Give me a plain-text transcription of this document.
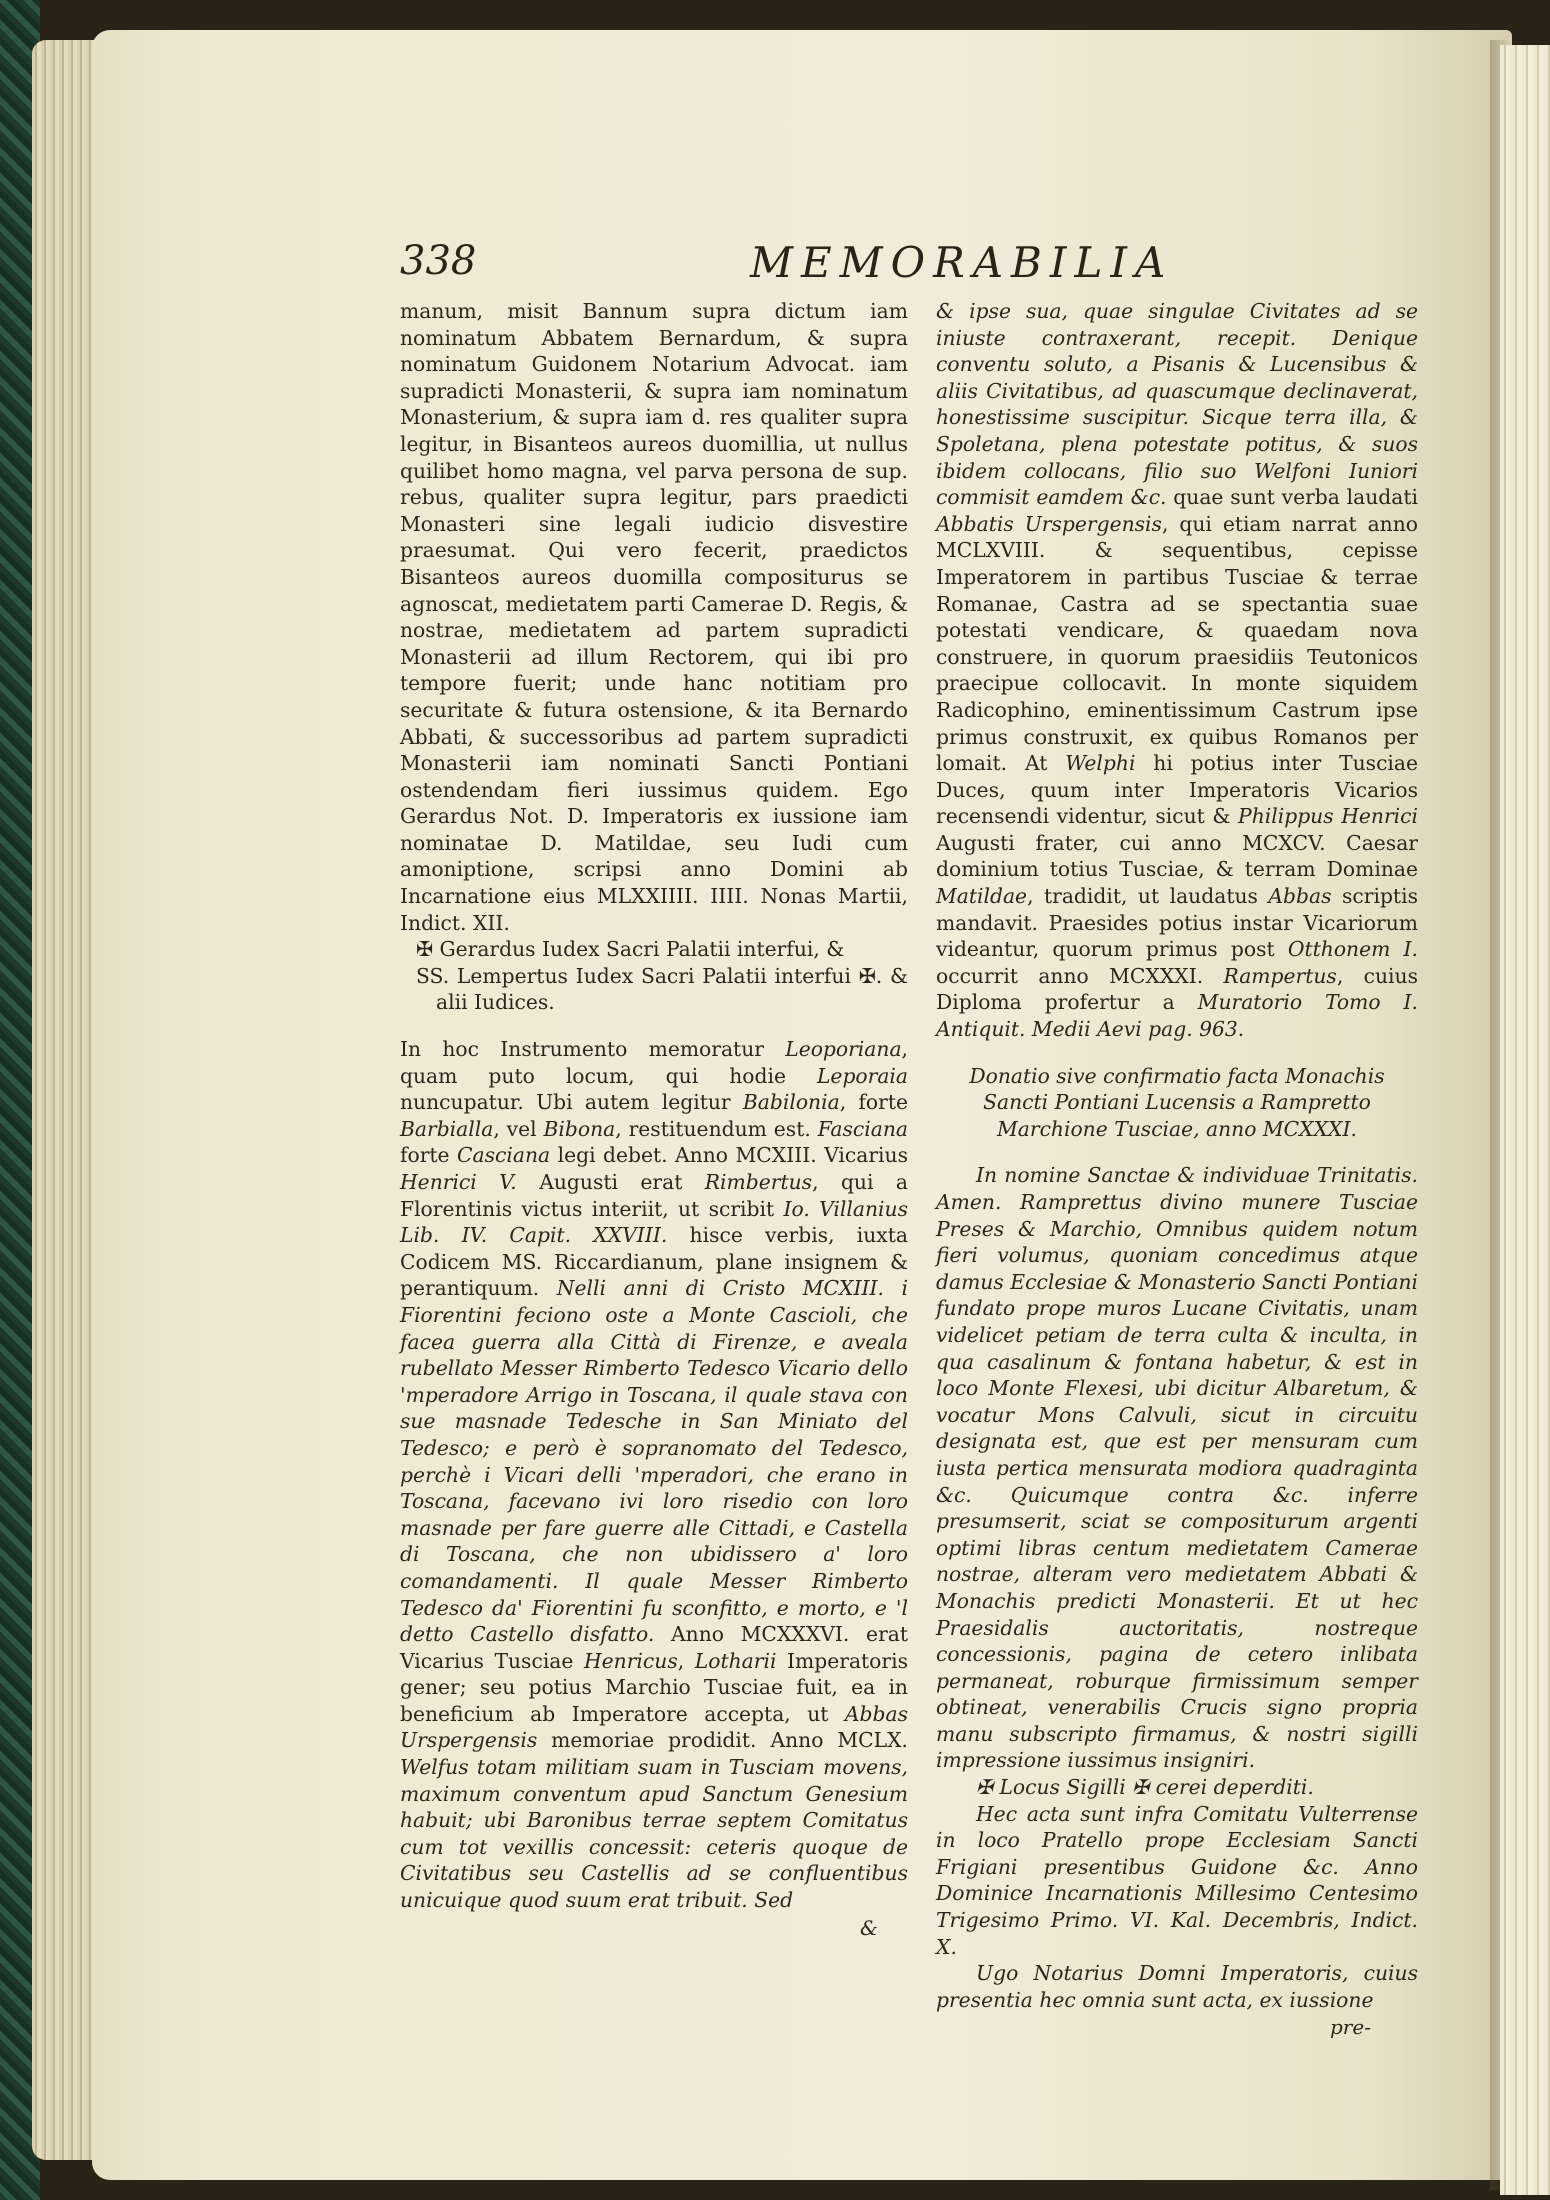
338	MEMORABILIA

manum, misit Bannum supra dictum iam nominatum Abbatem Bernardum, & supra nominatum Guidonem Notarium Advocat. iam supradicti Monasterii, & supra iam nominatum Monasterium, & supra iam d. res qualiter supra legitur, in Bisanteos aureos duomillia, ut nullus quilibet homo magna, vel parva persona de sup. rebus, qualiter supra legitur, pars praedicti Monasteri sine legali iudicio disvestire praesumat. Qui vero fecerit, praedictos Bisanteos aureos duomilla compositurus se agnoscat, medietatem parti Camerae D. Regis, & nostrae, medietatem ad partem supradicti Monasterii ad illum Rectorem, qui ibi pro tempore fuerit; unde hanc notitiam pro securitate & futura ostensione, & ita Bernardo Abbati, & successoribus ad partem supradicti Monasterii iam nominati Sancti Pontiani ostendendam fieri iussimus quidem. Ego Gerardus Not. D. Imperatoris ex iussione iam nominatae D. Matildae, seu Iudi cum amoniptione, scripsi anno Domini ab Incarnatione eius MLXXIIII. IIII. Nonas Martii, Indict. XII.

✠ Gerardus Iudex Sacri Palatii interfui, &
SS. Lempertus Iudex Sacri Palatii interfui ✠. & alii Iudices.

In hoc Instrumento memoratur Leoporiana, quam puto locum, qui hodie Leporaia nuncupatur. Ubi autem legitur Babilonia, forte Barbialla, vel Bibona, restituendum est. Fasciana forte Casciana legi debet. Anno MCXIII. Vicarius Henrici V. Augusti erat Rimbertus, qui a Florentinis victus interiit, ut scribit Io. Villanius Lib. IV. Capit. XXVIII. hisce verbis, iuxta Codicem MS. Riccardianum, plane insignem & perantiquum. Nelli anni di Cristo MCXIII. i Fiorentini feciono oste a Monte Cascioli, che facea guerra alla Città di Firenze, e aveala rubellato Messer Rimberto Tedesco Vicario dello 'mperadore Arrigo in Toscana, il quale stava con sue masnade Tedesche in San Miniato del Tedesco; e però è sopranomato del Tedesco, perchè i Vicari delli 'mperadori, che erano in Toscana, facevano ivi loro risedio con loro masnade per fare guerre alle Cittadi, e Castella di Toscana, che non ubidissero a' loro comandamenti. Il quale Messer Rimberto Tedesco da' Fiorentini fu sconfitto, e morto, e 'l detto Castello disfatto. Anno MCXXXVI. erat Vicarius Tusciae Henricus, Lotharii Imperatoris gener; seu potius Marchio Tusciae fuit, ea in beneficium ab Imperatore accepta, ut Abbas Urspergensis memoriae prodidit. Anno MCLX. Welfus totam militiam suam in Tusciam movens, maximum conventum apud Sanctum Genesium habuit; ubi Baronibus terrae septem Comitatus cum tot vexillis concessit: ceteris quoque de Civitatibus seu Castellis ad se confluentibus unicuique quod suum erat tribuit. Sed

&

& ipse sua, quae singulae Civitates ad se iniuste contraxerant, recepit. Denique conventu soluto, a Pisanis & Lucensibus & aliis Civitatibus, ad quascumque declinaverat, honestissime suscipitur. Sicque terra illa, & Spoletana, plena potestate potitus, & suos ibidem collocans, filio suo Welfoni Iuniori commisit eamdem &c. quae sunt verba laudati Abbatis Urspergensis, qui etiam narrat anno MCLXVIII. & sequentibus, cepisse Imperatorem in partibus Tusciae & terrae Romanae, Castra ad se spectantia suae potestati vendicare, & quaedam nova construere, in quorum praesidiis Teutonicos praecipue collocavit. In monte siquidem Radicophino, eminentissimum Castrum ipse primus construxit, ex quibus Romanos per lomait. At Welphi hi potius inter Tusciae Duces, quum inter Imperatoris Vicarios recensendi videntur, sicut & Philippus Henrici Augusti frater, cui anno MCXCV. Caesar dominium totius Tusciae, & terram Dominae Matildae, tradidit, ut laudatus Abbas scriptis mandavit. Praesides potius instar Vicariorum videantur, quorum primus post Otthonem I. occurrit anno MCXXXI. Rampertus, cuius Diploma profertur a Muratorio Tomo I. Antiquit. Medii Aevi pag. 963.

Donatio sive confirmatio facta Monachis Sancti Pontiani Lucensis a Rampretto Marchione Tusciae, anno MCXXXI.

In nomine Sanctae & individuae Trinitatis. Amen. Ramprettus divino munere Tusciae Preses & Marchio, Omnibus quidem notum fieri volumus, quoniam concedimus atque damus Ecclesiae & Monasterio Sancti Pontiani fundato prope muros Lucane Civitatis, unam videlicet petiam de terra culta & inculta, in qua casalinum & fontana habetur, & est in loco Monte Flexesi, ubi dicitur Albaretum, & vocatur Mons Calvuli, sicut in circuitu designata est, que est per mensuram cum iusta pertica mensurata modiora quadraginta &c. Quicumque contra &c. inferre presumserit, sciat se compositurum argenti optimi libras centum medietatem Camerae nostrae, alteram vero medietatem Abbati & Monachis predicti Monasterii. Et ut hec Praesidalis auctoritatis, nostreque concessionis, pagina de cetero inlibata permaneat, roburque firmissimum semper obtineat, venerabilis Crucis signo propria manu subscripto firmamus, & nostri sigilli impressione iussimus insigniri.

✠ Locus Sigilli ✠ cerei deperditi.

Hec acta sunt infra Comitatu Vulterrense in loco Pratello prope Ecclesiam Sancti Frigiani presentibus Guidone &c. Anno Dominice Incarnationis Millesimo Centesimo Trigesimo Primo. VI. Kal. Decembris, Indict. X.

Ugo Notarius Domni Imperatoris, cuius presentia hec omnia sunt acta, ex iussione

pre-
